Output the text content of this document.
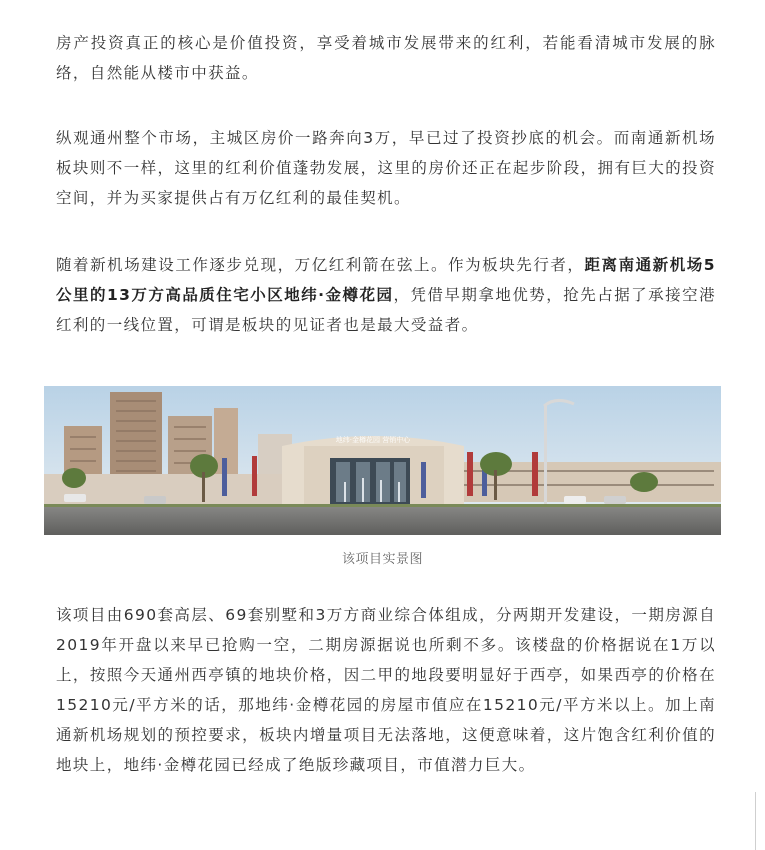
房产投资真正的核心是价值投资，享受着城市发展带来的红利，若能看清城市发展的脉络，自然能从楼市中获益。

纵观通州整个市场，主城区房价一路奔向3万，早已过了投资抄底的机会。而南通新机场板块则不一样，这里的红利价值蓬勃发展，这里的房价还正在起步阶段，拥有巨大的投资空间，并为买家提供占有万亿红利的最佳契机。

随着新机场建设工作逐步兑现，万亿红利箭在弦上。作为板块先行者，距离南通新机场5公里的13万方高品质住宅小区地纬·金樽花园，凭借早期拿地优势，抢先占据了承接空港红利的一线位置，可谓是板块的见证者也是最大受益者。

地纬·金樽花园 营销中心
该项目实景图

该项目由690套高层、69套别墅和3万方商业综合体组成，分两期开发建设，一期房源自2019年开盘以来早已抢购一空，二期房源据说也所剩不多。该楼盘的价格据说在1万以上，按照今天通州西亭镇的地块价格，因二甲的地段要明显好于西亭，如果西亭的价格在15210元/平方米的话，那地纬·金樽花园的房屋市值应在15210元/平方米以上。加上南通新机场规划的预控要求，板块内增量项目无法落地，这便意味着，这片饱含红利价值的地块上，地纬·金樽花园已经成了绝版珍藏项目，市值潜力巨大。
